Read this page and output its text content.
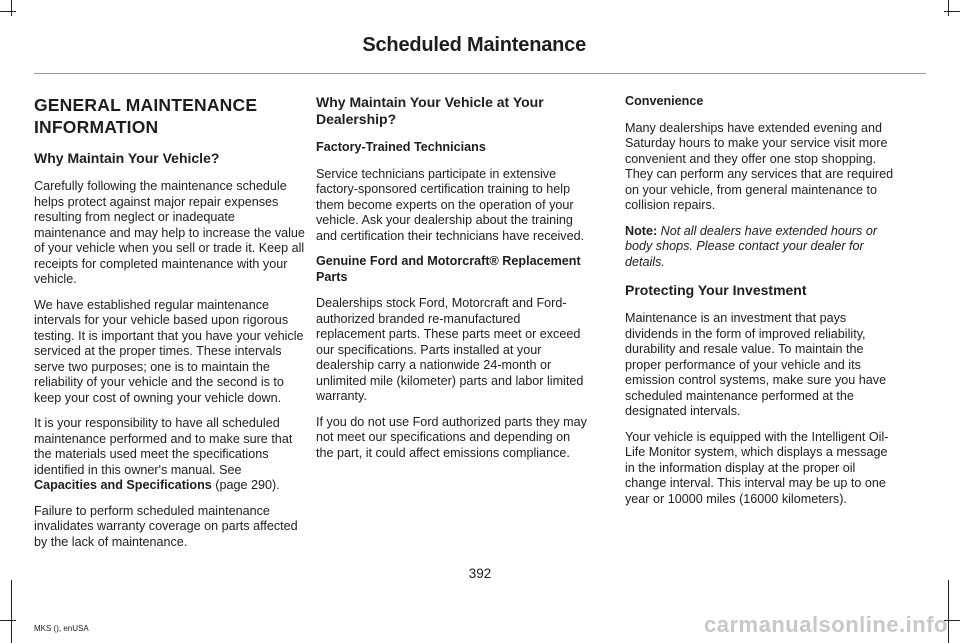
Scheduled Maintenance
GENERAL MAINTENANCE INFORMATION
Why Maintain Your Vehicle?

Carefully following the maintenance schedule helps protect against major repair expenses resulting from neglect or inadequate maintenance and may help to increase the value of your vehicle when you sell or trade it. Keep all receipts for completed maintenance with your vehicle.

We have established regular maintenance intervals for your vehicle based upon rigorous testing. It is important that you have your vehicle serviced at the proper times. These intervals serve two purposes; one is to maintain the reliability of your vehicle and the second is to keep your cost of owning your vehicle down.

It is your responsibility to have all scheduled maintenance performed and to make sure that the materials used meet the specifications identified in this owner's manual. See Capacities and Specifications (page 290).

Failure to perform scheduled maintenance invalidates warranty coverage on parts affected by the lack of maintenance.

Why Maintain Your Vehicle at Your Dealership?
Factory-Trained Technicians

Service technicians participate in extensive factory-sponsored certification training to help them become experts on the operation of your vehicle. Ask your dealership about the training and certification their technicians have received.

Genuine Ford and Motorcraft® Replacement Parts

Dealerships stock Ford, Motorcraft and Ford-authorized branded re-manufactured replacement parts. These parts meet or exceed our specifications. Parts installed at your dealership carry a nationwide 24-month or unlimited mile (kilometer) parts and labor limited warranty.

If you do not use Ford authorized parts they may not meet our specifications and depending on the part, it could affect emissions compliance.

Convenience

Many dealerships have extended evening and Saturday hours to make your service visit more convenient and they offer one stop shopping. They can perform any services that are required on your vehicle, from general maintenance to collision repairs.

Note: Not all dealers have extended hours or body shops. Please contact your dealer for details.

Protecting Your Investment

Maintenance is an investment that pays dividends in the form of improved reliability, durability and resale value. To maintain the proper performance of your vehicle and its emission control systems, make sure you have scheduled maintenance performed at the designated intervals.

Your vehicle is equipped with the Intelligent Oil-Life Monitor system, which displays a message in the information display at the proper oil change interval. This interval may be up to one year or 10000 miles (16000 kilometers).

392

MKS (), enUSA	carmanualsonline.info
